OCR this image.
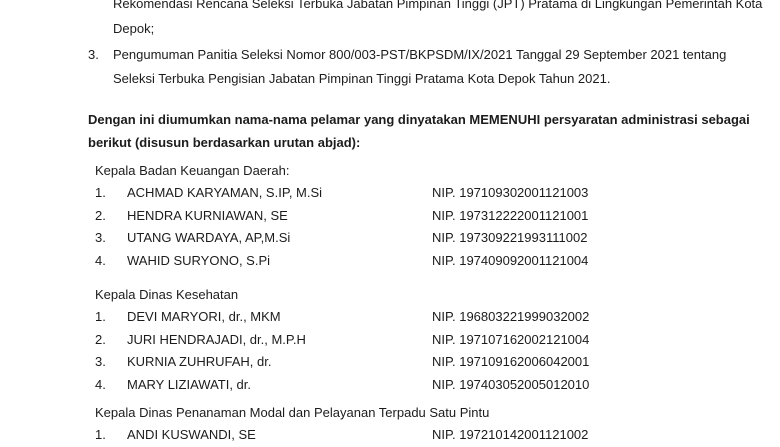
Rekomendasi Rencana Seleksi Terbuka Jabatan Pimpinan Tinggi (JPT) Pratama di Lingkungan Pemerintah Kota
Depok;
3. Pengumuman Panitia Seleksi Nomor 800/003-PST/BKPSDM/IX/2021 Tanggal 29 September 2021 tentang
Seleksi Terbuka Pengisian Jabatan Pimpinan Tinggi Pratama Kota Depok Tahun 2021.
Dengan ini diumumkan nama-nama pelamar yang dinyatakan MEMENUHI persyaratan administrasi sebagai
berikut (disusun berdasarkan urutan abjad):
Kepala Badan Keuangan Daerah:
1. ACHMAD KARYAMAN, S.IP, M.Si	NIP. 197109302001121003
2. HENDRA KURNIAWAN, SE	NIP. 197312222001121001
3. UTANG WARDAYA, AP,M.Si	NIP. 197309221993111002
4. WAHID SURYONO, S.Pi	NIP. 197409092001121004
Kepala Dinas Kesehatan
1. DEVI MARYORI, dr., MKM	NIP. 196803221999032002
2. JURI HENDRAJADI, dr., M.P.H	NIP. 197107162002121004
3. KURNIA ZUHRUFAH, dr.	NIP. 197109162006042001
4. MARY LIZIAWATI, dr.	NIP. 197403052005012010
Kepala Dinas Penanaman Modal dan Pelayanan Terpadu Satu Pintu
1. ANDI KUSWANDI, SE	NIP. 197210142001121002
